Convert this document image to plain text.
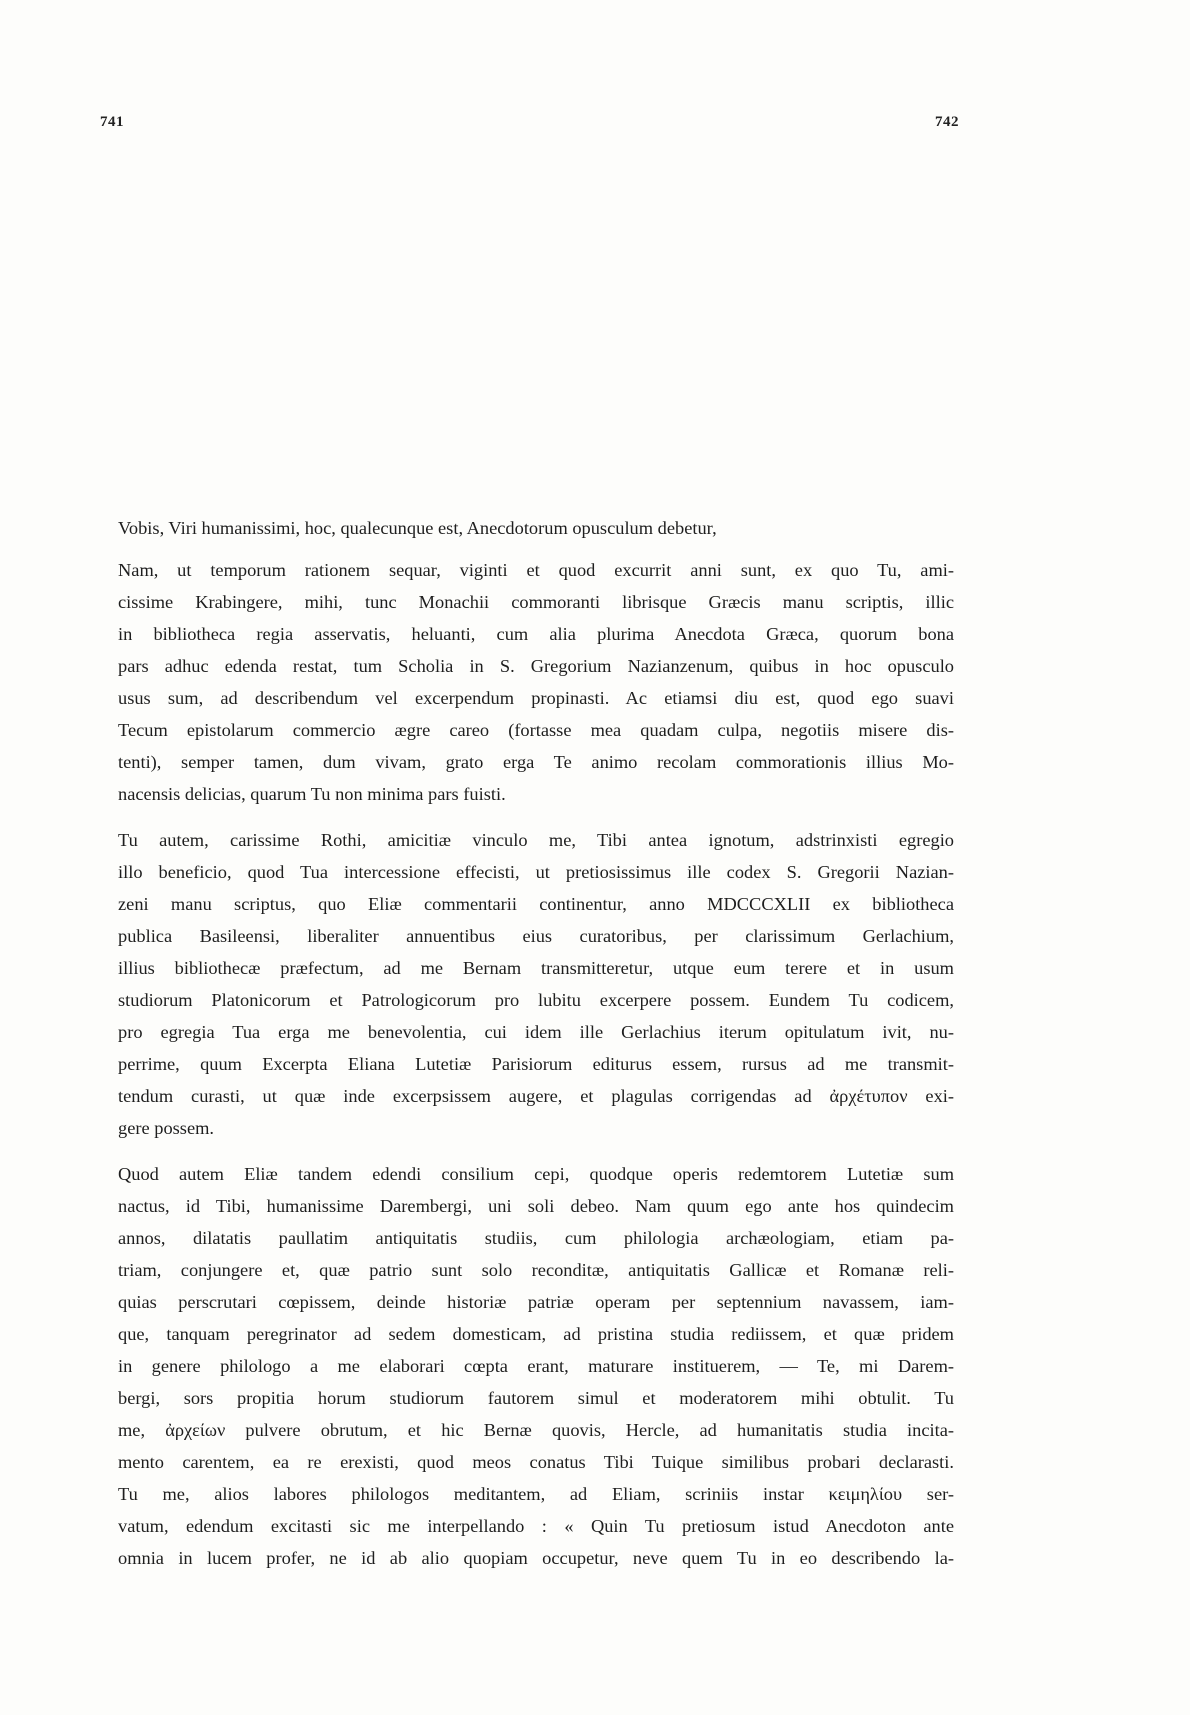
741	742

Vobis, Viri humanissimi, hoc, qualecunque est, Anecdotorum opusculum debetur,

Nam, ut temporum rationem sequar, viginti et quod excurrit anni sunt, ex quo Tu, ami-
cissime Krabingere, mihi, tunc Monachii commoranti librisque Græcis manu scriptis, illic
in bibliotheca regia asservatis, heluanti, cum alia plurima Anecdota Græca, quorum bona
pars adhuc edenda restat, tum Scholia in S. Gregorium Nazianzenum, quibus in hoc opusculo
usus sum, ad describendum vel excerpendum propinasti. Ac etiamsi diu est, quod ego suavi
Tecum epistolarum commercio ægre careo (fortasse mea quadam culpa, negotiis misere dis-
tenti), semper tamen, dum vivam, grato erga Te animo recolam commorationis illius Mo-
nacensis delicias, quarum Tu non minima pars fuisti.

Tu autem, carissime Rothi, amicitiæ vinculo me, Tibi antea ignotum, adstrinxisti egregio
illo beneficio, quod Tua intercessione effecisti, ut pretiosissimus ille codex S. Gregorii Nazian-
zeni manu scriptus, quo Eliæ commentarii continentur, anno MDCCCXLII ex bibliotheca
publica Basileensi, liberaliter annuentibus eius curatoribus, per clarissimum Gerlachium,
illius bibliothecæ præfectum, ad me Bernam transmitteretur, utque eum terere et in usum
studiorum Platonicorum et Patrologicorum pro lubitu excerpere possem. Eundem Tu codicem,
pro egregia Tua erga me benevolentia, cui idem ille Gerlachius iterum opitulatum ivit, nu-
perrime, quum Excerpta Eliana Lutetiæ Parisiorum editurus essem, rursus ad me transmit-
tendum curasti, ut quæ inde excerpsissem augere, et plagulas corrigendas ad ἀρχέτυπον exi-
gere possem.

Quod autem Eliæ tandem edendi consilium cepi, quodque operis redemtorem Lutetiæ sum
nactus, id Tibi, humanissime Darembergi, uni soli debeo. Nam quum ego ante hos quindecim
annos, dilatatis paullatim antiquitatis studiis, cum philologia archæologiam, etiam pa-
triam, conjungere et, quæ patrio sunt solo reconditæ, antiquitatis Gallicæ et Romanæ reli-
quias perscrutari cœpissem, deinde historiæ patriæ operam per septennium navassem, iam-
que, tanquam peregrinator ad sedem domesticam, ad pristina studia rediissem, et quæ pridem
in genere philologo a me elaborari cœpta erant, maturare instituerem, — Te, mi Darem-
bergi, sors propitia horum studiorum fautorem simul et moderatorem mihi obtulit. Tu
me, ἀρχείων pulvere obrutum, et hic Bernæ quovis, Hercle, ad humanitatis studia incita-
mento carentem, ea re erexisti, quod meos conatus Tibi Tuique similibus probari declarasti.
Tu me, alios labores philologos meditantem, ad Eliam, scriniis instar κειμηλίου ser-
vatum, edendum excitasti sic me interpellando : « Quin Tu pretiosum istud Anecdoton ante
omnia in lucem profer, ne id ab alio quopiam occupetur, neve quem Tu in eo describendo la-
